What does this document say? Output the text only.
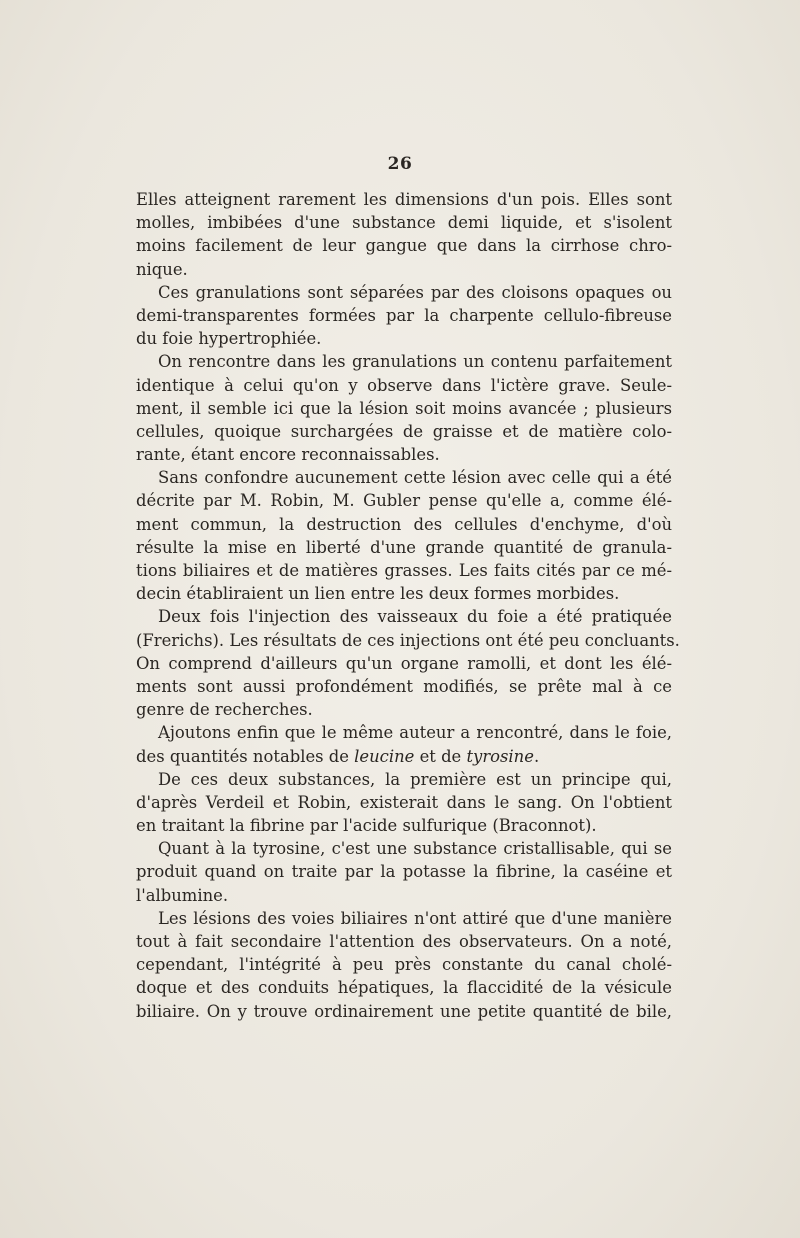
26
Elles atteignent rarement les dimensions d'un pois. Elles sont
molles, imbibées d'une substance demi liquide, et s'isolent
moins facilement de leur gangue que dans la cirrhose chro-
nique.
Ces granulations sont séparées par des cloisons opaques ou
demi-transparentes formées par la charpente cellulo-fibreuse
du foie hypertrophiée.
On rencontre dans les granulations un contenu parfaitement
identique à celui qu'on y observe dans l'ictère grave. Seule-
ment, il semble ici que la lésion soit moins avancée ; plusieurs
cellules, quoique surchargées de graisse et de matière colo-
rante, étant encore reconnaissables.
Sans confondre aucunement cette lésion avec celle qui a été
décrite par M. Robin, M. Gubler pense qu'elle a, comme élé-
ment commun, la destruction des cellules d'enchyme, d'où
résulte la mise en liberté d'une grande quantité de granula-
tions biliaires et de matières grasses. Les faits cités par ce mé-
decin établiraient un lien entre les deux formes morbides.
Deux fois l'injection des vaisseaux du foie a été pratiquée
(Frerichs). Les résultats de ces injections ont été peu concluants.
On comprend d'ailleurs qu'un organe ramolli, et dont les élé-
ments sont aussi profondément modifiés, se prête mal à ce
genre de recherches.
Ajoutons enfin que le même auteur a rencontré, dans le foie,
des quantités notables de leucine et de tyrosine.
De ces deux substances, la première est un principe qui,
d'après Verdeil et Robin, existerait dans le sang. On l'obtient
en traitant la fibrine par l'acide sulfurique (Braconnot).
Quant à la tyrosine, c'est une substance cristallisable, qui se
produit quand on traite par la potasse la fibrine, la caséine et
l'albumine.
Les lésions des voies biliaires n'ont attiré que d'une manière
tout à fait secondaire l'attention des observateurs. On a noté,
cependant, l'intégrité à peu près constante du canal cholé-
doque et des conduits hépatiques, la flaccidité de la vésicule
biliaire. On y trouve ordinairement une petite quantité de bile,
